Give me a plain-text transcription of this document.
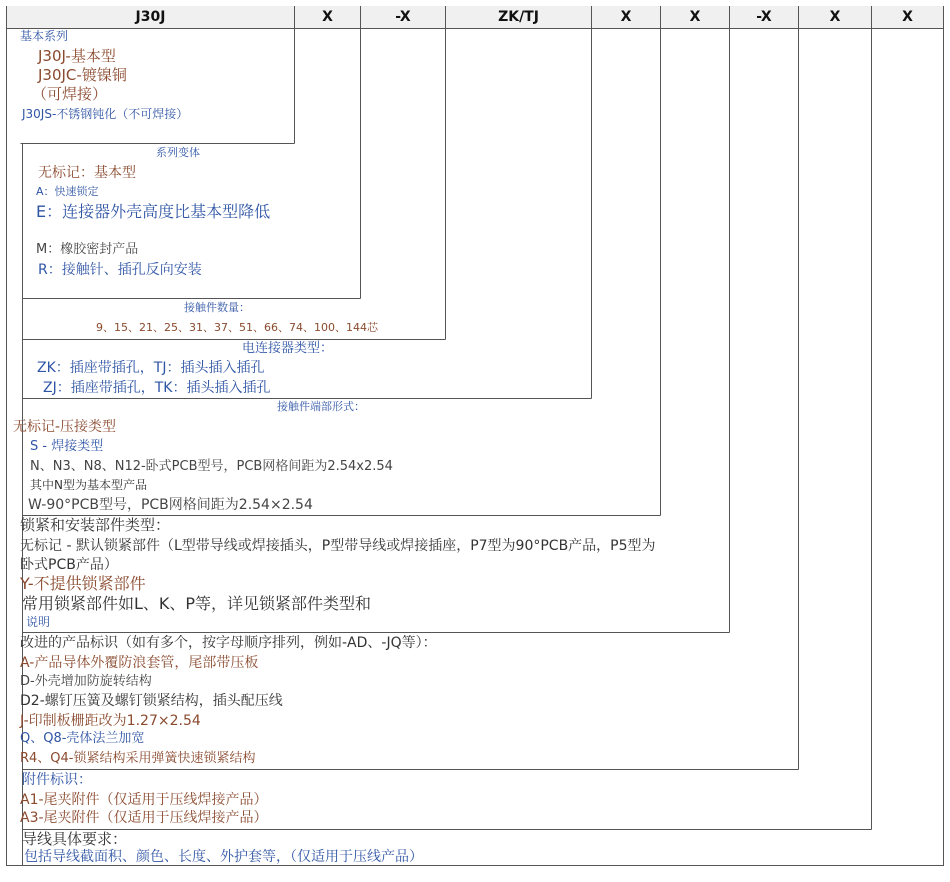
J30J	X	-X	ZK/TJ	X	X	-X	X	X
基本系列
J30J-基本型
J30JC-镀镍铜
（可焊接）
J30JS-不锈钢钝化（不可焊接）
系列变体
无标记：基本型
A：快速锁定
E：连接器外壳高度比基本型降低
M：橡胶密封产品
R：接触针、插孔反向安装
接触件数量：
9、15、21、25、31、37、51、66、74、100、144芯
电连接器类型：
ZK：插座带插孔，TJ：插头插入插孔
ZJ：插座带插孔，TK：插头插入插孔
接触件端部形式：
无标记-压接类型
S - 焊接类型
N、N3、N8、N12-卧式PCB型号，PCB网格间距为2.54x2.54
其中N型为基本型产品
W-90°PCB型号，PCB网格间距为2.54×2.54
锁紧和安装部件类型：
无标记 - 默认锁紧部件（L型带导线或焊接插头，P型带导线或焊接插座，P7型为90°PCB产品，P5型为
卧式PCB产品）
Y-不提供锁紧部件
常用锁紧部件如L、K、P等，详见锁紧部件类型和
说明
改进的产品标识（如有多个，按字母顺序排列，例如-AD、-JQ等）：
A-产品导体外覆防浪套管，尾部带压板
D-外壳增加防旋转结构
D2-螺钉压簧及螺钉锁紧结构，插头配压线
J-印制板栅距改为1.27×2.54
Q、Q8-壳体法兰加宽
R4、Q4-锁紧结构采用弹簧快速锁紧结构
附件标识：
A1-尾夹附件（仅适用于压线焊接产品）
A3-尾夹附件（仅适用于压线焊接产品）
导线具体要求：
包括导线截面积、颜色、长度、外护套等，（仅适用于压线产品）
